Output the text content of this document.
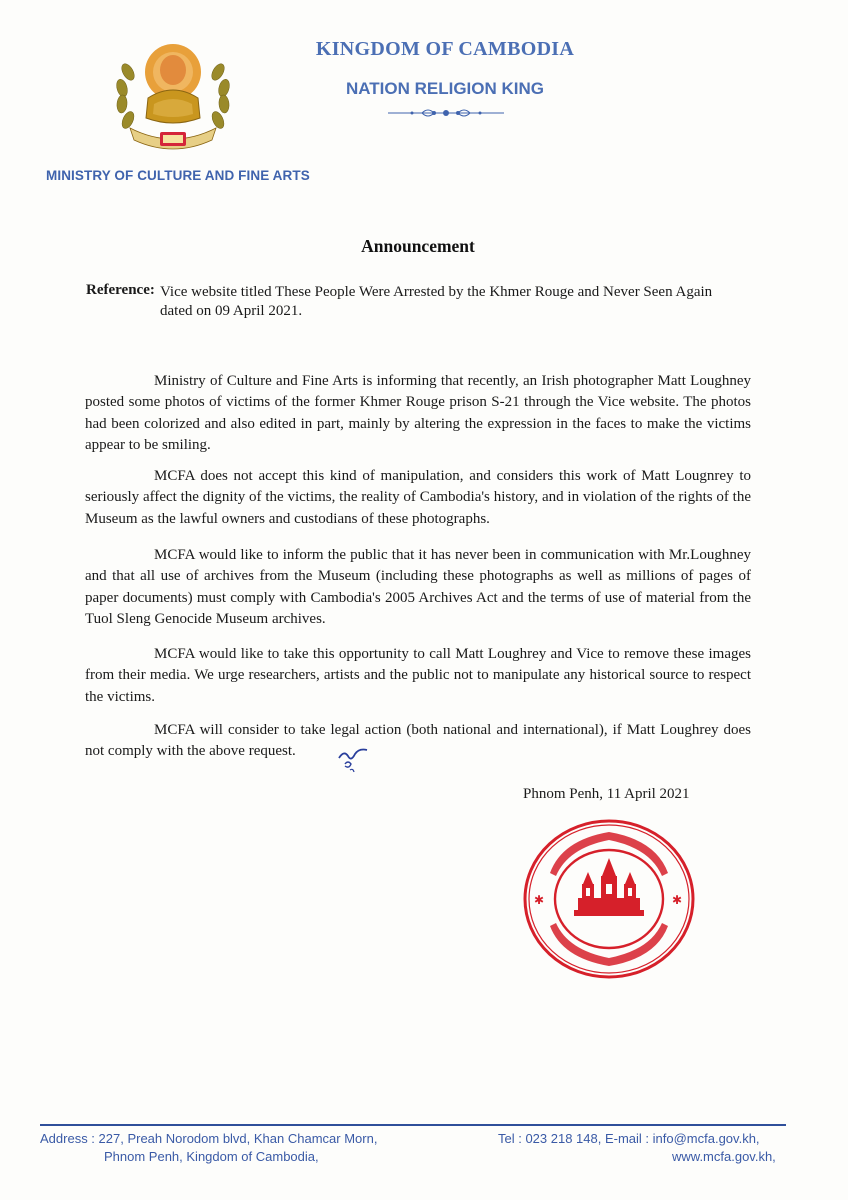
KINGDOM OF CAMBODIA
NATION RELIGION KING
MINISTRY OF CULTURE AND FINE ARTS
Announcement
Reference: Vice website titled These People Were Arrested by the Khmer Rouge and Never Seen Again
dated on 09 April 2021.

Ministry of Culture and Fine Arts is informing that recently, an Irish photographer Matt Loughney posted some photos of victims of the former Khmer Rouge prison S-21 through the Vice website. The photos had been colorized and also edited in part, mainly by altering the expression in the faces to make the victims appear to be smiling.

MCFA does not accept this kind of manipulation, and considers this work of Matt Lougnrey to seriously affect the dignity of the victims, the reality of Cambodia's history, and in violation of the rights of the Museum as the lawful owners and custodians of these photographs.

MCFA would like to inform the public that it has never been in communication with Mr.Loughney and that all use of archives from the Museum (including these photographs as well as millions of pages of paper documents) must comply with Cambodia's 2005 Archives Act and the terms of use of material from the Tuol Sleng Genocide Museum archives.

MCFA would like to take this opportunity to call Matt Loughrey and Vice to remove these images from their media. We urge researchers, artists and the public not to manipulate any historical source to respect the victims.

MCFA will consider to take legal action (both national and international), if Matt Loughrey does not comply with the above request.

Phnom Penh, 11 April 2021
✱	✱
Address : 227, Preah Norodom blvd, Khan Chamcar Morn,
Phnom Penh, Kingdom of Cambodia,
Tel : 023 218 148, E-mail : info@mcfa.gov.kh,
www.mcfa.gov.kh,
